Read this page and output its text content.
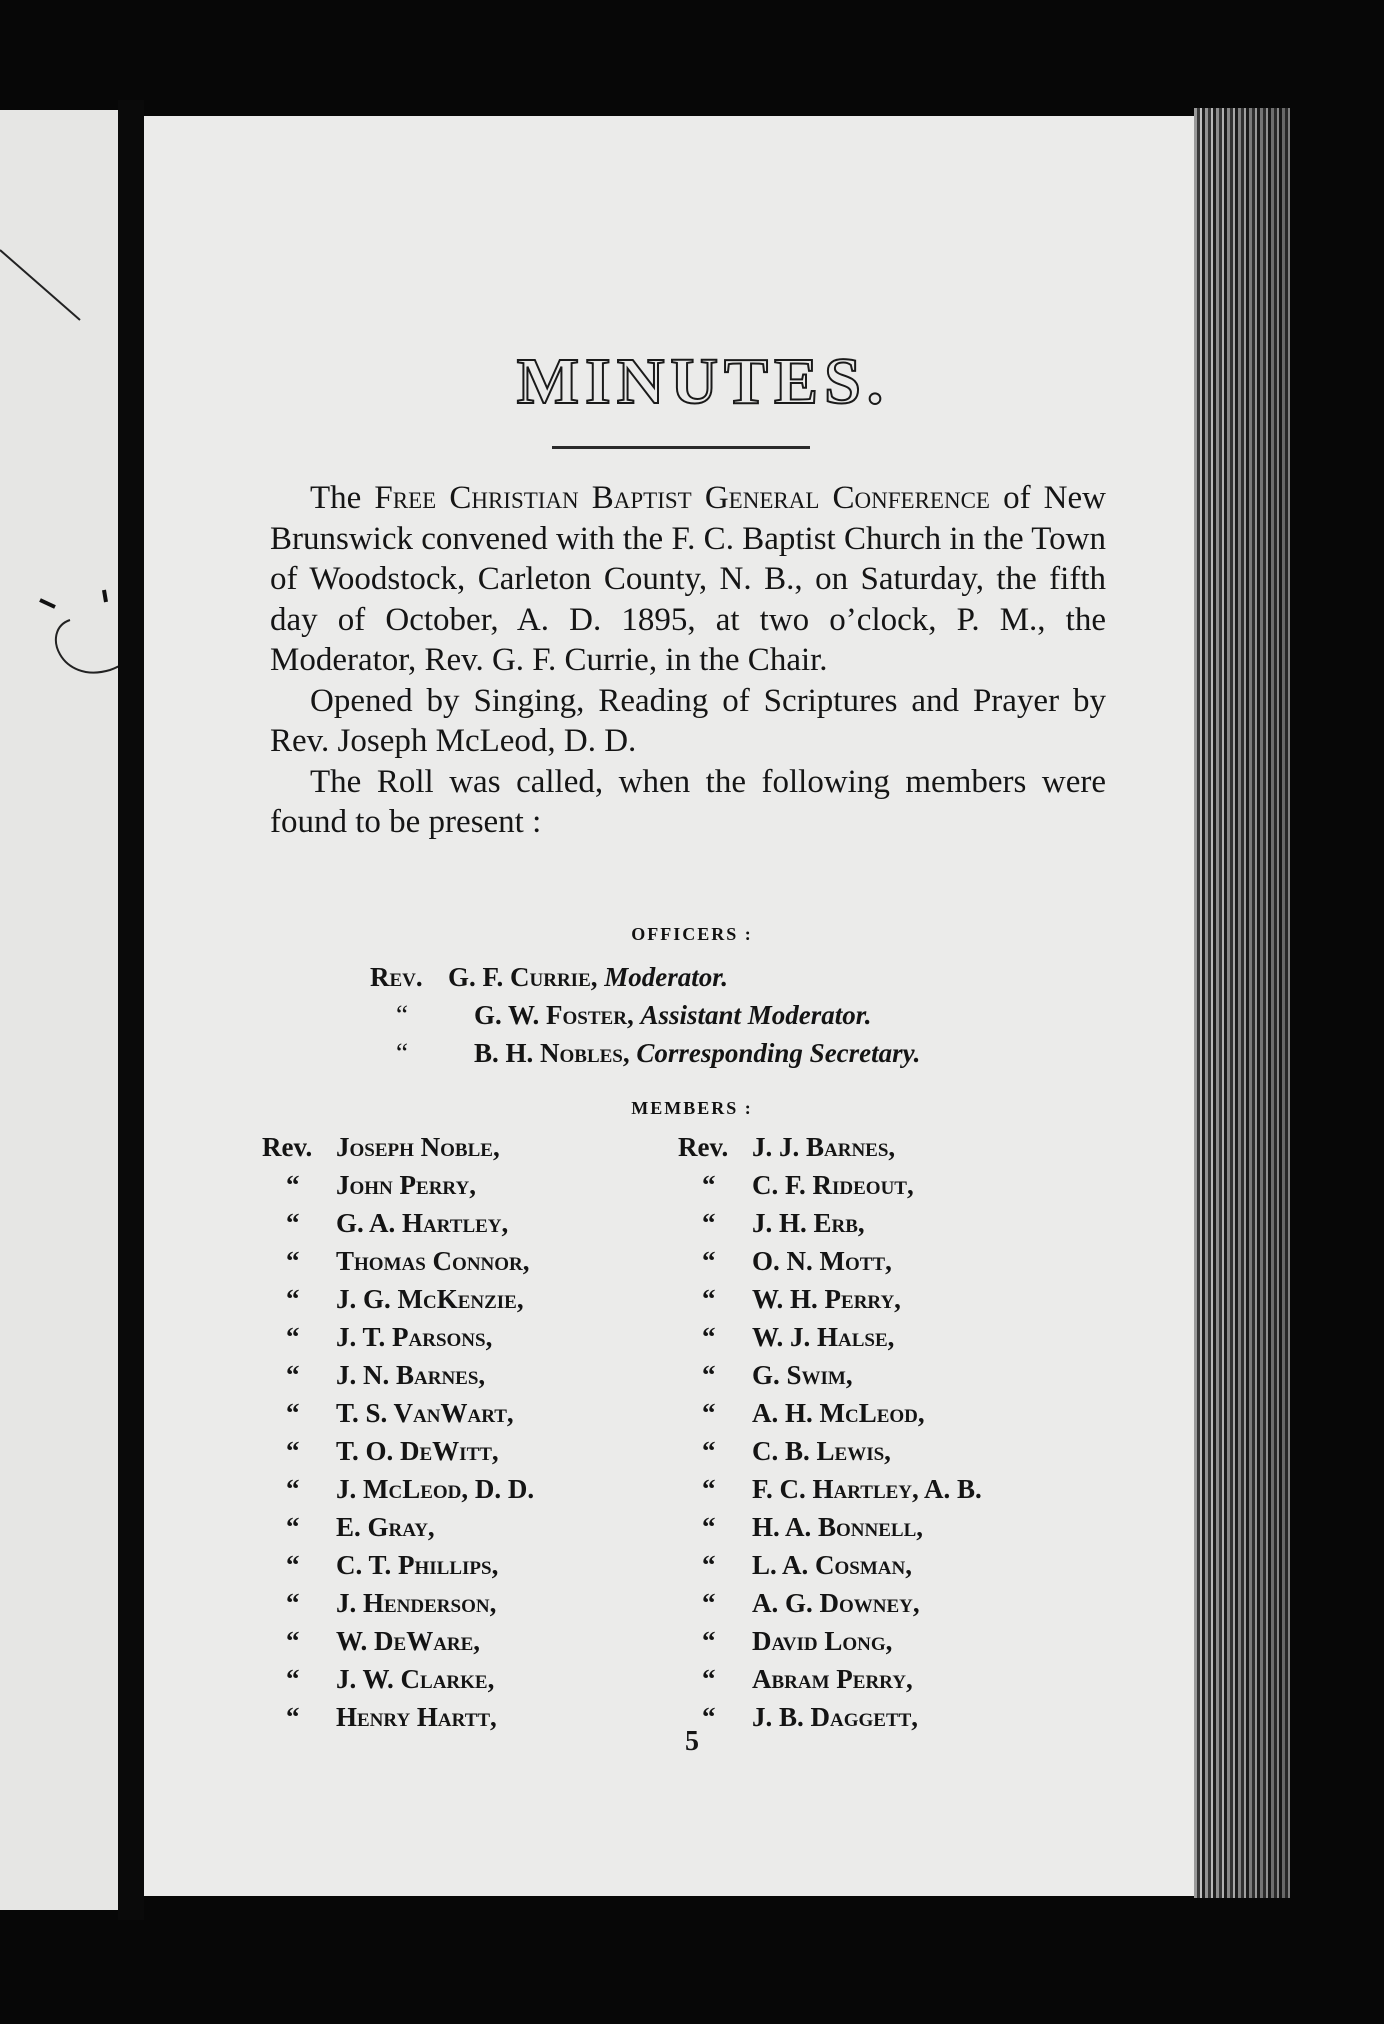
MINUTES.

The Free Christian Baptist General Conference of New Brunswick convened with the F. C. Baptist Church in the Town of Woodstock, Carleton County, N. B., on Saturday, the fifth day of October, A. D. 1895, at two o’clock, P. M., the Moderator, Rev. G. F. Currie, in the Chair.

Opened by Singing, Reading of Scriptures and Prayer by Rev. Joseph McLeod, D. D.

The Roll was called, when the following members were found to be present :

OFFICERS :
Rev. G. F. Currie, Moderator.
“ G. W. Foster, Assistant Moderator.
“ B. H. Nobles, Corresponding Secretary.
MEMBERS :
Rev. Joseph Noble,
“ John Perry,
“ G. A. Hartley,
“ Thomas Connor,
“ J. G. McKenzie,
“ J. T. Parsons,
“ J. N. Barnes,
“ T. S. VanWart,
“ T. O. DeWitt,
“ J. McLeod, D. D.
“ E. Gray,
“ C. T. Phillips,
“ J. Henderson,
“ W. DeWare,
“ J. W. Clarke,
“ Henry Hartt,
Rev. J. J. Barnes,
“ C. F. Rideout,
“ J. H. Erb,
“ O. N. Mott,
“ W. H. Perry,
“ W. J. Halse,
“ G. Swim,
“ A. H. McLeod,
“ C. B. Lewis,
“ F. C. Hartley, A. B.
“ H. A. Bonnell,
“ L. A. Cosman,
“ A. G. Downey,
“ David Long,
“ Abram Perry,
“ J. B. Daggett,
5
